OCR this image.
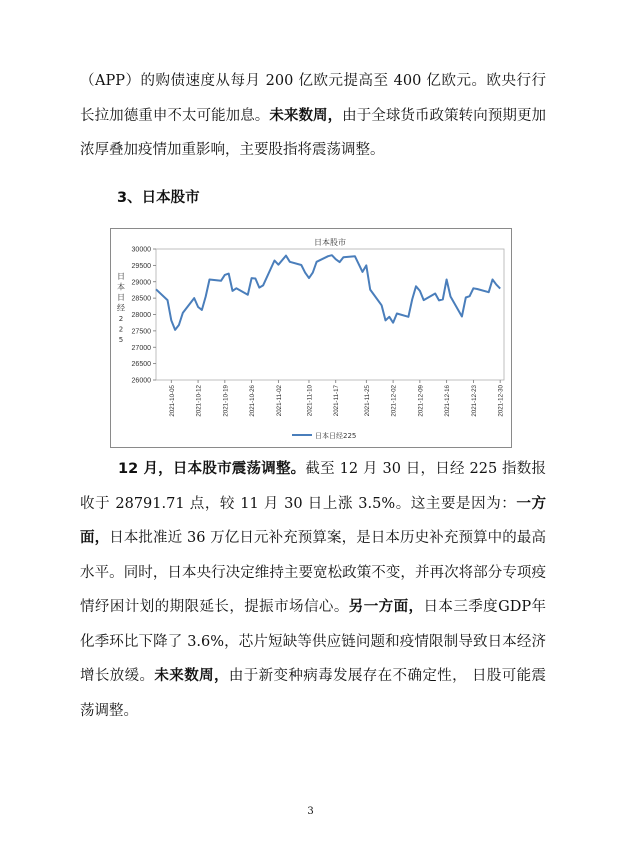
（APP）的购债速度从每月 200 亿欧元提高至 400 亿欧元。欧央行行长拉加德重申不太可能加息。未来数周，由于全球货币政策转向预期更加浓厚叠加疫情加重影响，主要股指将震荡调整。
3、日本股市
26000
26500
27000
27500
28000
28500
29000
29500
30000
2021-10-05	2021-10-12	2021-10-19	2021-10-26	2021-11-02	2021-11-10	2021-11-17	2021-11-25	2021-12-02	2021-12-09	2021-12-16	2021-12-23	2021-12-30
日本股市
日
本
日
经
2
2
5
日本日经225
12 月，日本股市震荡调整。截至 12 月 30 日，日经 225 指数报收于 28791.71 点，较 11 月 30 日上涨 3.5%。这主要是因为：一方面，日本批准近 36 万亿日元补充预算案，是日本历史补充预算中的最高水平。同时，日本央行决定维持主要宽松政策不变，并再次将部分专项疫情纾困计划的期限延长，提振市场信心。另一方面，日本三季度GDP年化季环比下降了 3.6%，芯片短缺等供应链问题和疫情限制导致日本经济增长放缓。未来数周，由于新变种病毒发展存在不确定性， 日股可能震荡调整。
3
